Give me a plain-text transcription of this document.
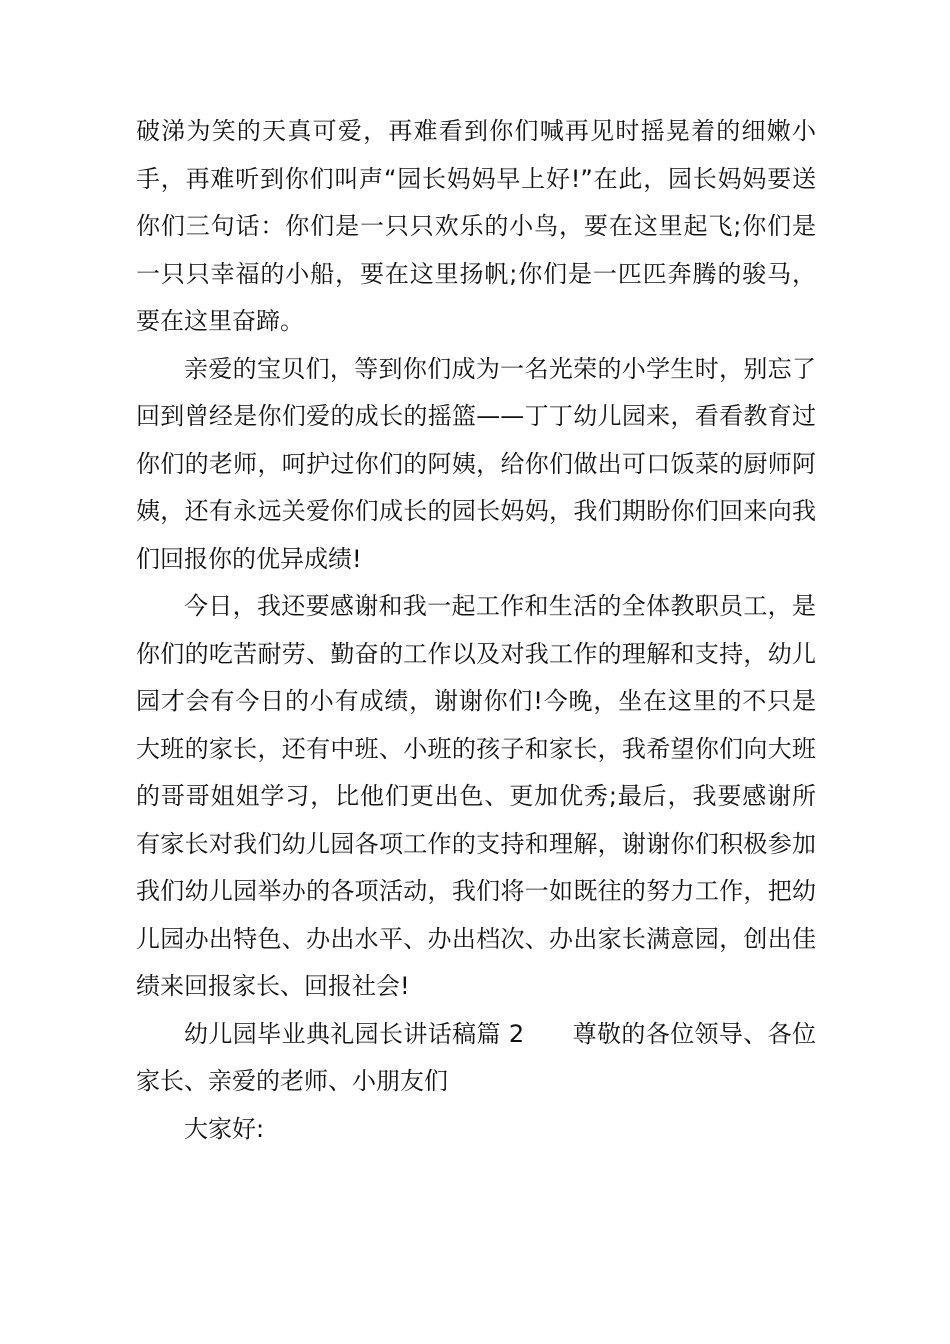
破涕为笑的天真可爱，再难看到你们喊再见时摇晃着的细嫩小手，再难听到你们叫声“园长妈妈早上好!”在此，园长妈妈要送你们三句话：你们是一只只欢乐的小鸟，要在这里起飞;你们是一只只幸福的小船，要在这里扬帆;你们是一匹匹奔腾的骏马，要在这里奋蹄。

亲爱的宝贝们，等到你们成为一名光荣的小学生时，别忘了回到曾经是你们爱的成长的摇篮——丁丁幼儿园来，看看教育过你们的老师，呵护过你们的阿姨，给你们做出可口饭菜的厨师阿姨，还有永远关爱你们成长的园长妈妈，我们期盼你们回来向我们回报你的优异成绩!

今日，我还要感谢和我一起工作和生活的全体教职员工，是你们的吃苦耐劳、勤奋的工作以及对我工作的理解和支持，幼儿园才会有今日的小有成绩，谢谢你们!今晚，坐在这里的不只是大班的家长，还有中班、小班的孩子和家长，我希望你们向大班的哥哥姐姐学习，比他们更出色、更加优秀;最后，我要感谢所有家长对我们幼儿园各项工作的支持和理解，谢谢你们积极参加我们幼儿园举办的各项活动，我们将一如既往的努力工作，把幼儿园办出特色、办出水平、办出档次、办出家长满意园，创出佳绩来回报家长、回报社会!

幼儿园毕业典礼园长讲话稿篇 2 尊敬的各位领导、各位家长、亲爱的老师、小朋友们

大家好:
